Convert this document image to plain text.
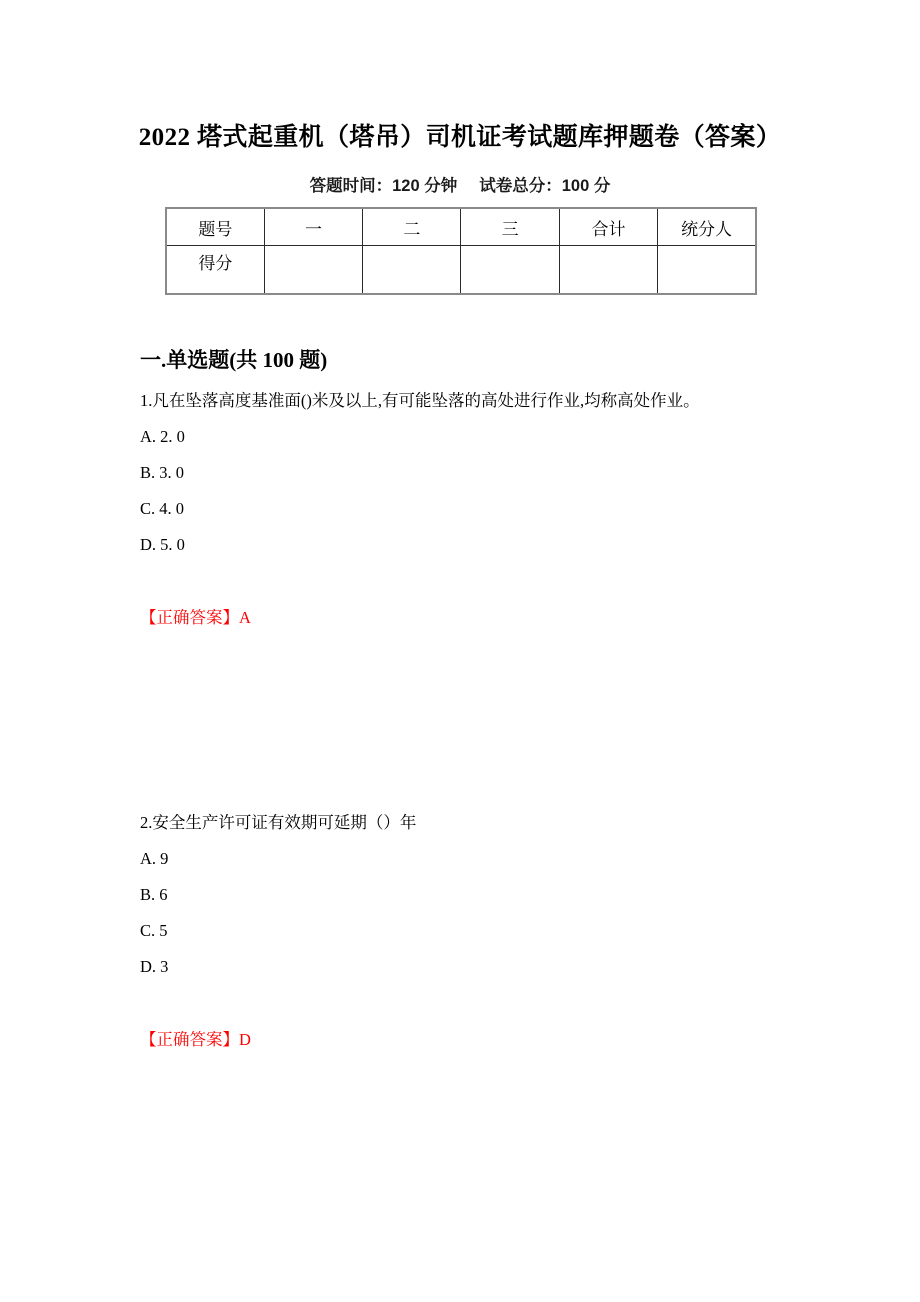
2022 塔式起重机（塔吊）司机证考试题库押题卷（答案）
答题时间：120 分钟 试卷总分：100 分
题号	一	二	三	合计	统分人
得分					
一.单选题(共 100 题)
1.凡在坠落高度基准面()米及以上,有可能坠落的高处进行作业,均称高处作业。
A. 2. 0
B. 3. 0
C. 4. 0
D. 5. 0
【正确答案】A
2.安全生产许可证有效期可延期（）年
A. 9
B. 6
C. 5
D. 3
【正确答案】D
